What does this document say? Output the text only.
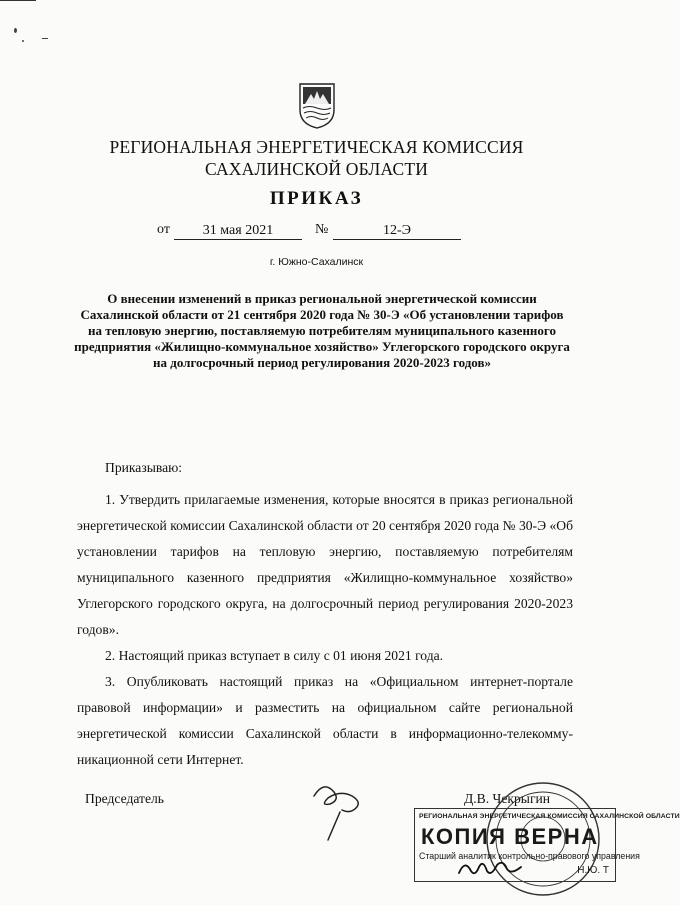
РЕГИОНАЛЬНАЯ ЭНЕРГЕТИЧЕСКАЯ КОМИССИЯ
САХАЛИНСКОЙ ОБЛАСТИ
ПРИКАЗ
от	31 мая 2021	№	12-Э
г. Южно-Сахалинск
О внесении изменений в приказ региональной энергетической комиссии Сахалинской области от 21 сентября 2020 года № 30-Э «Об установлении тарифов на тепловую энергию, поставляемую потребителям муниципального казенного предприятия «Жилищно-коммунальное хозяйство» Углегорского городского округа на долгосрочный период регулирования 2020-2023 годов»

Приказываю:

1. Утвердить прилагаемые изменения, которые вносятся в приказ региональной энергетической комиссии Сахалинской области от 20 сентября 2020 года № 30-Э «Об установлении тарифов на тепловую энергию, поставляемую потребителям муниципального казенного предприятия «Жилищно-коммунальное хозяйство» Углегорского городского округа, на долгосрочный период регулирования 2020-2023 годов».

2. Настоящий приказ вступает в силу с 01 июня 2021 года.

3. Опубликовать настоящий приказ на «Официальном интернет-портале правовой информации» и разместить на официальном сайте региональной энергетической комиссии Сахалинской области в информационно-телекоммуникационной сети Интернет.

Председатель	Д.В. Чекрыгин
РЕГИОНАЛЬНАЯ ЭНЕРГЕТИЧЕСКАЯ КОМИССИЯ САХАЛИНСКОЙ ОБЛАСТИ
КОПИЯ ВЕРНА
Старший аналитик контрольно-правового управления
Н.Ю. Т
